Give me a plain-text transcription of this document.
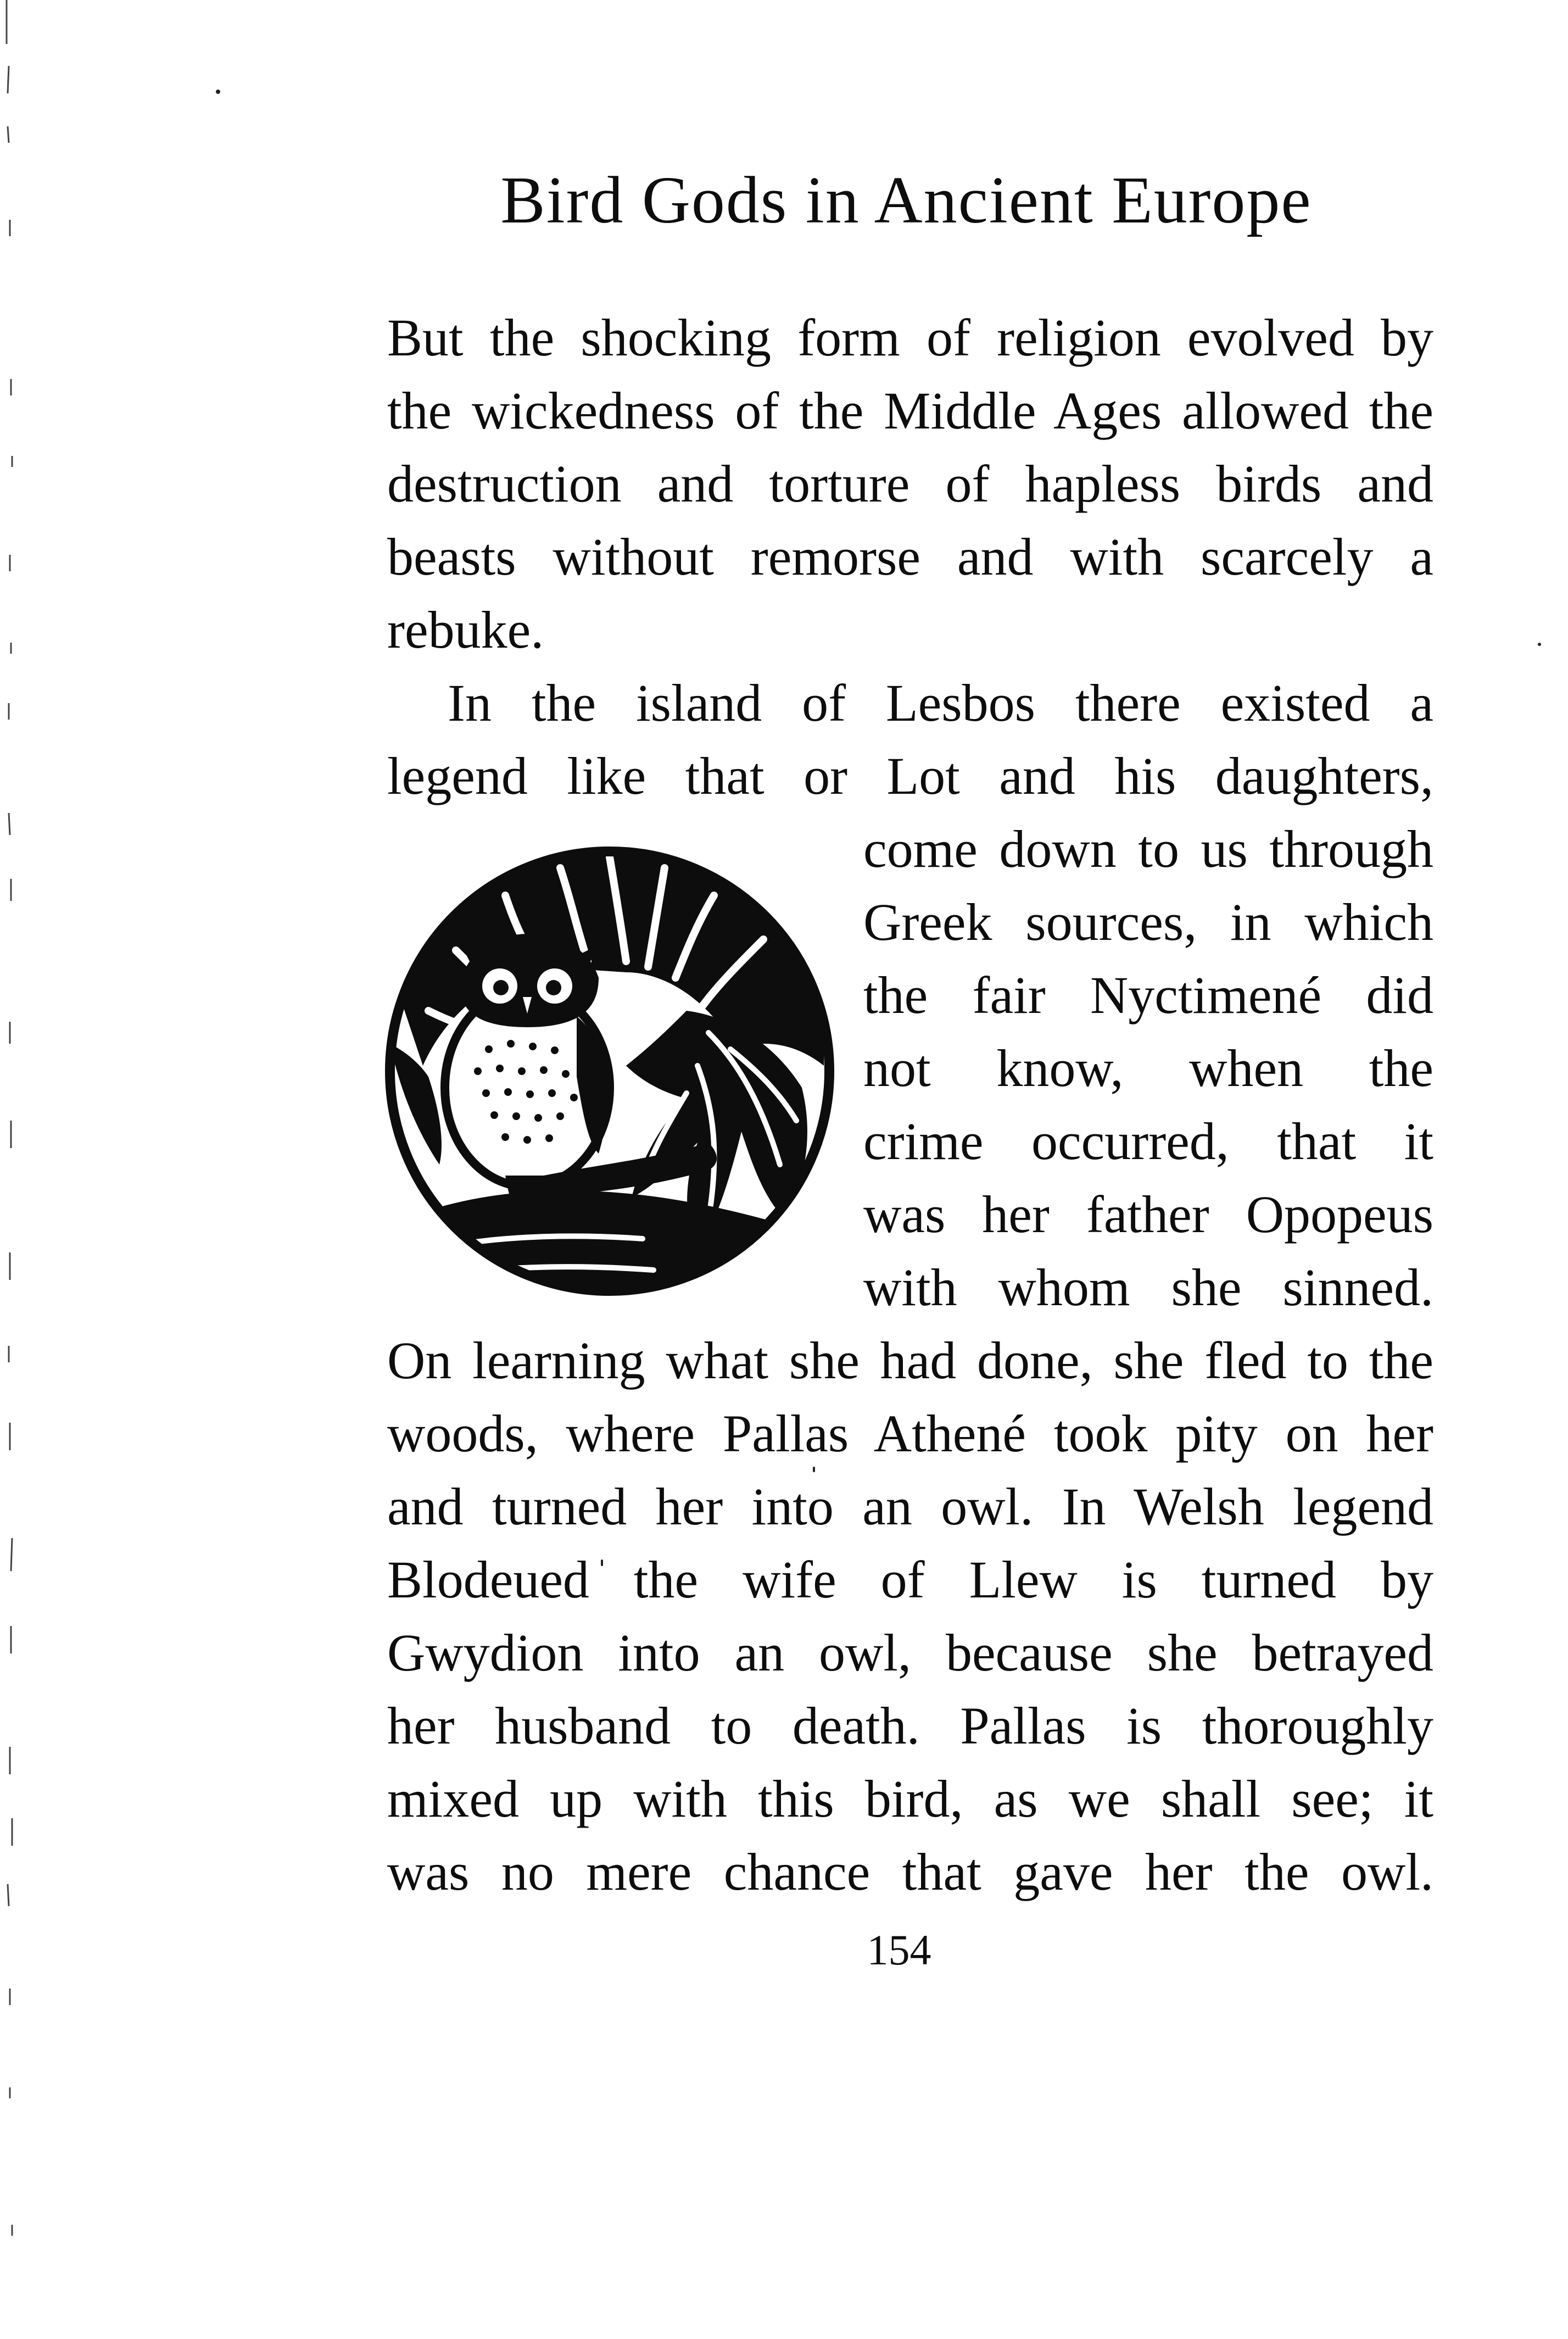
Bird Gods in Ancient Europe
But the shocking form of religion evolved by
the wickedness of the Middle Ages allowed the
destruction and torture of hapless birds and
beasts without remorse and with scarcely a
rebuke.
In the island of Lesbos there existed a
legend like that or Lot and his daughters,
come down to us through
Greek sources, in which
the fair Nyctimené did
not know, when the
crime occurred, that it
was her father Opopeus
with whom she sinned.
On learning what she had done, she fled to the
woods, where Pallas Athené took pity on her
and turned her into an owl. In Welsh legend
Blodeued the wife of Llew is turned by
Gwydion into an owl, because she betrayed
her husband to death. Pallas is thoroughly
mixed up with this bird, as we shall see; it
was no mere chance that gave her the owl.
154
